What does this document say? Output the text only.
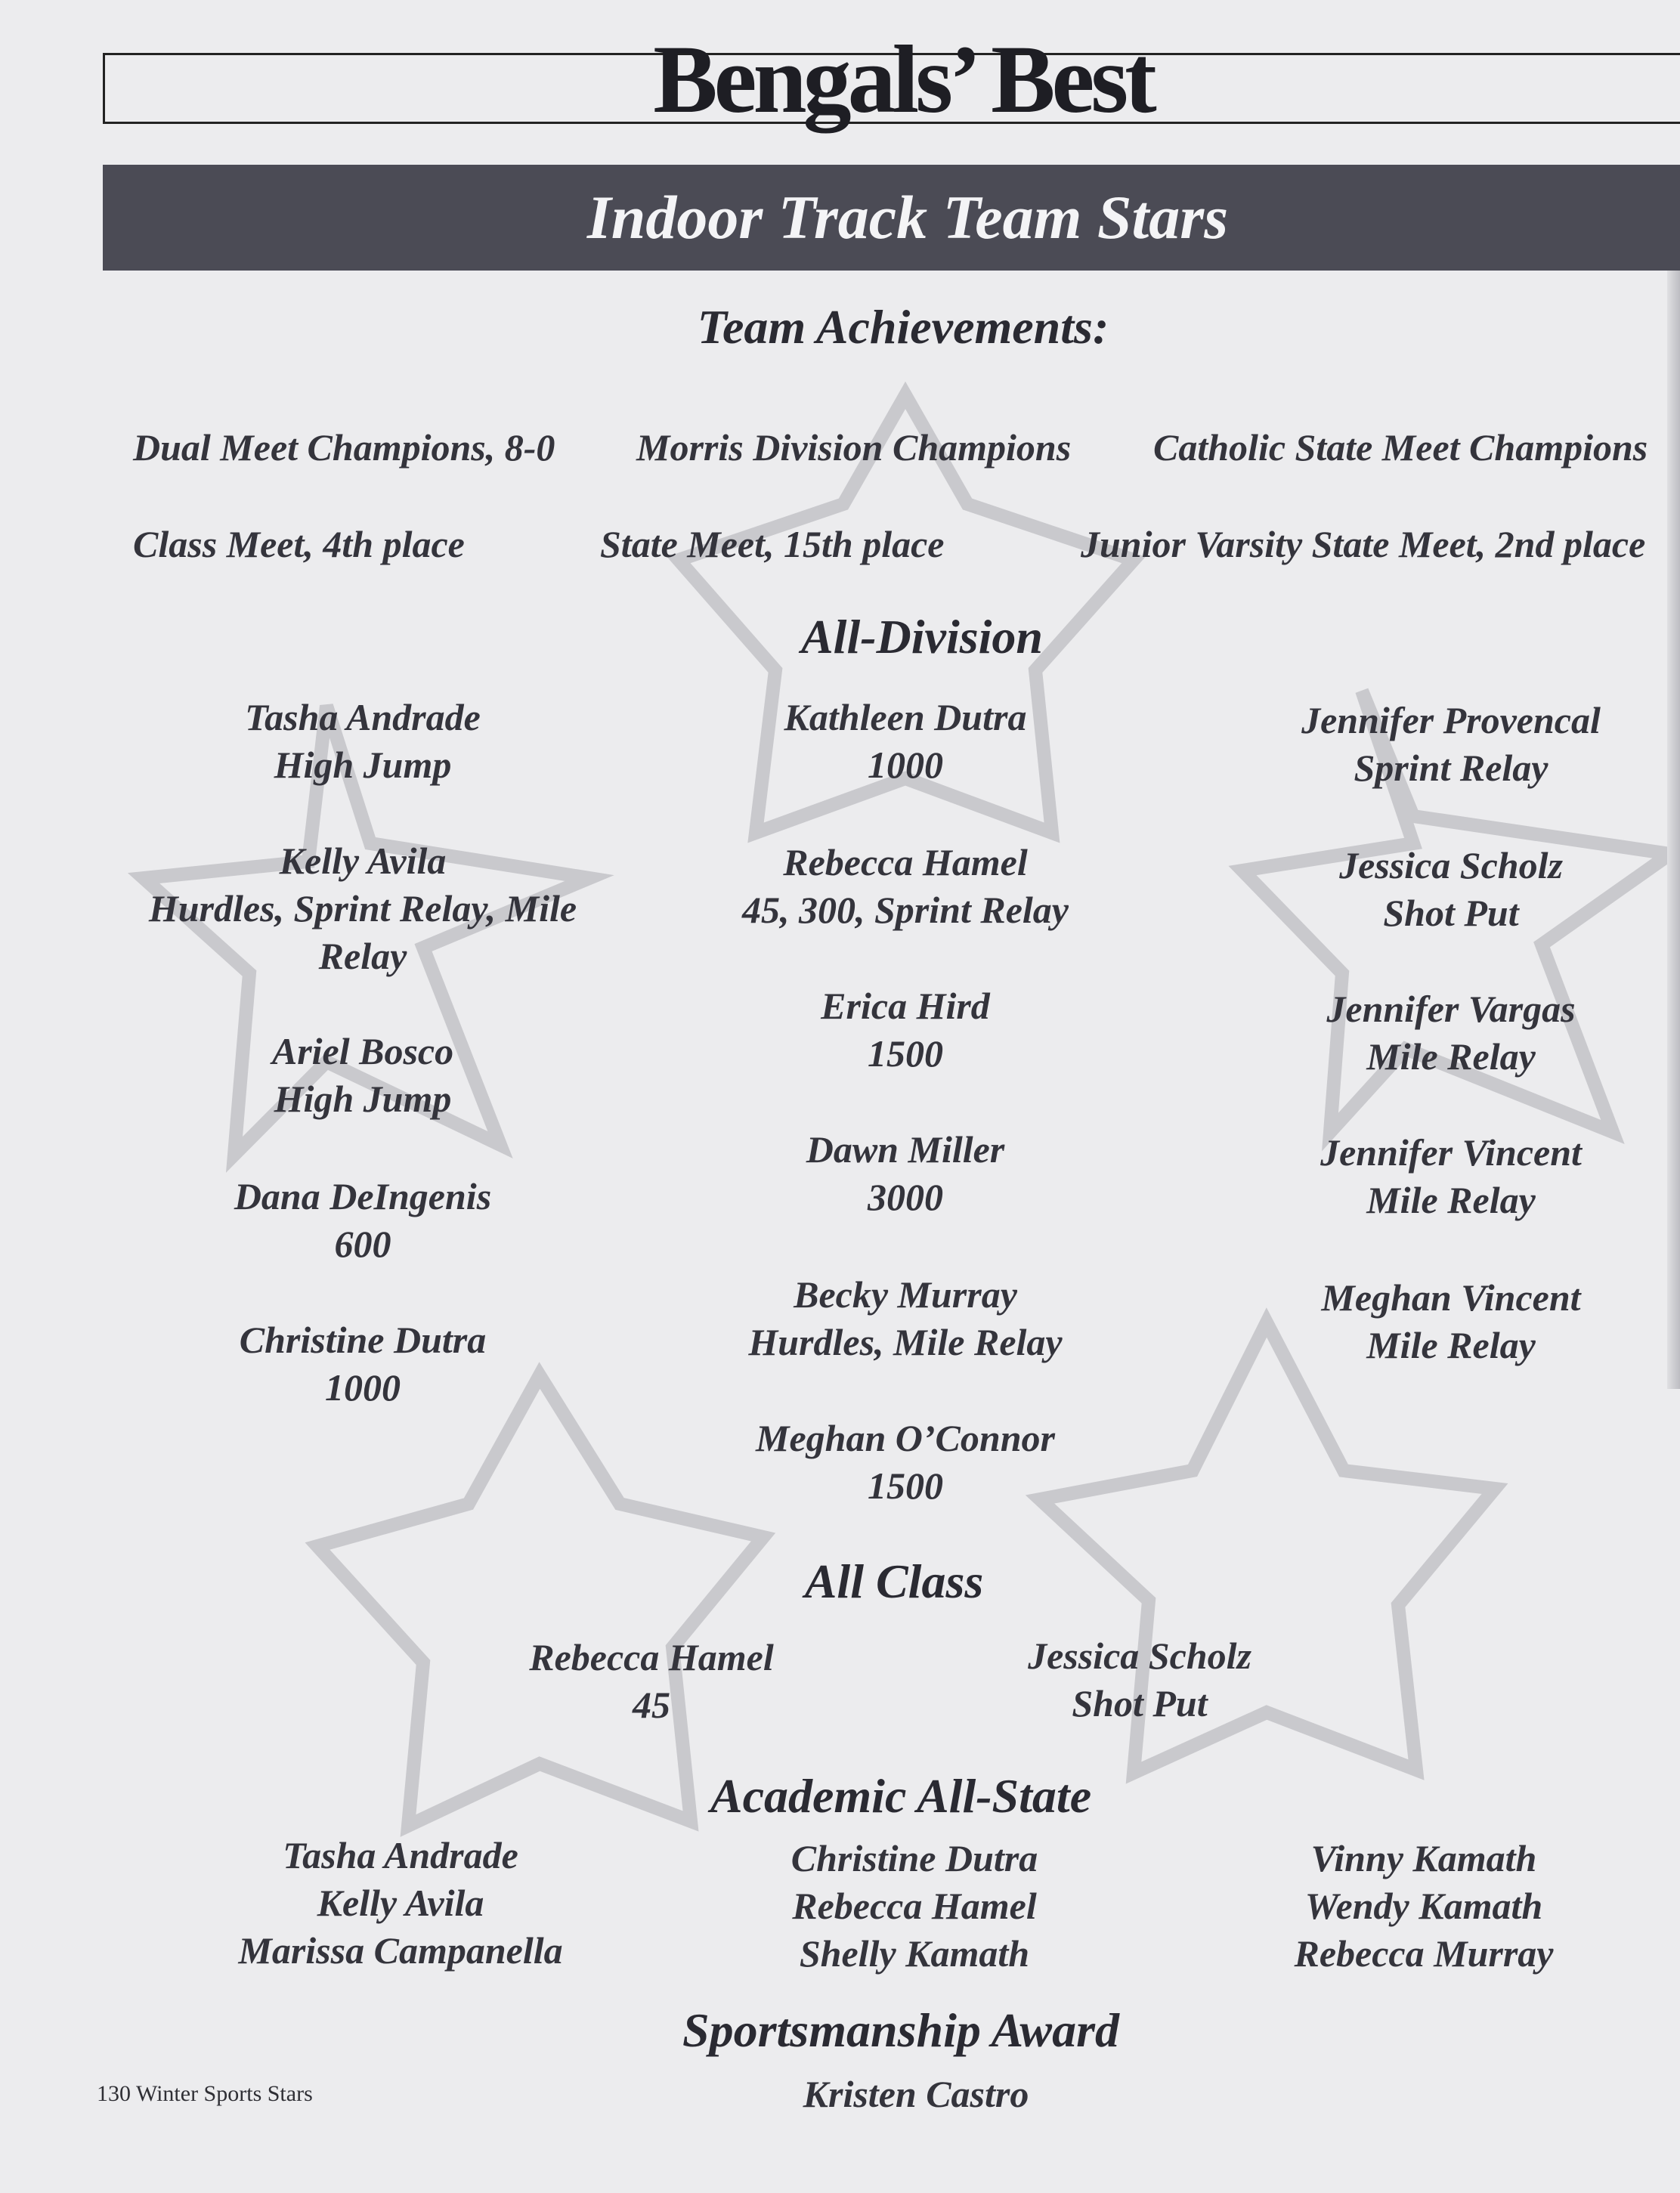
Bengals’ Best
Indoor Track Team Stars
Team Achievements:
Dual Meet Champions, 8-0 Morris Division Champions Catholic State Meet Champions
Class Meet, 4th place	State Meet, 15th place	Junior Varsity State Meet, 2nd place
All-Division
Tasha Andrade
High Jump
Kelly Avila
Hurdles, Sprint Relay, Mile
Relay
Ariel Bosco
High Jump
Dana DeIngenis
600
Christine Dutra
1000
Kathleen Dutra
1000
Rebecca Hamel
45, 300, Sprint Relay
Erica Hird
1500
Dawn Miller
3000
Becky Murray
Hurdles, Mile Relay
Meghan O’Connor
1500
Jennifer Provencal
Sprint Relay
Jessica Scholz
Shot Put
Jennifer Vargas
Mile Relay
Jennifer Vincent
Mile Relay
Meghan Vincent
Mile Relay
All Class
Rebecca Hamel
45
Jessica Scholz
Shot Put
Academic All-State
Tasha Andrade
Kelly Avila
Marissa Campanella
Christine Dutra
Rebecca Hamel
Shelly Kamath
Vinny Kamath
Wendy Kamath
Rebecca Murray
Sportsmanship Award
Kristen Castro
130 Winter Sports Stars
